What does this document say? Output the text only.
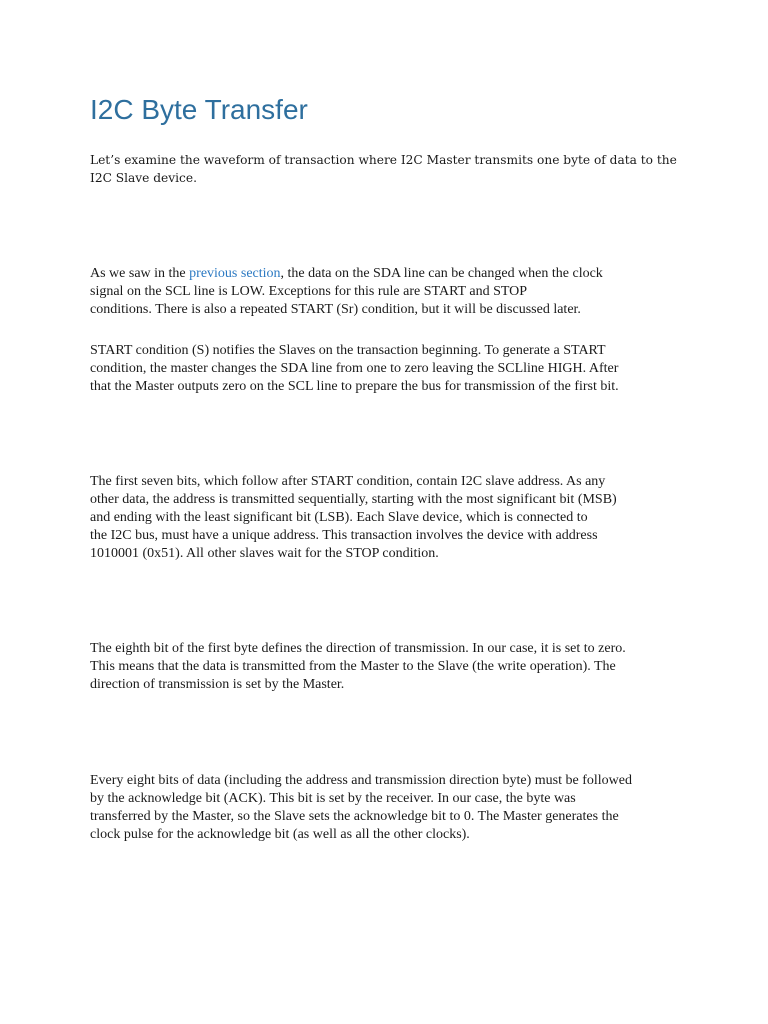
I2C Byte Transfer

Let’s examine the waveform of transaction where I2C Master transmits one byte of data to the
I2C Slave device.

As we saw in the previous section, the data on the SDA line can be changed when the clock
signal on the SCL line is LOW. Exceptions for this rule are START and STOP
conditions. There is also a repeated START (Sr) condition, but it will be discussed later.

START condition (S) notifies the Slaves on the transaction beginning. To generate a START
condition, the master changes the SDA line from one to zero leaving the SCLline HIGH. After
that the Master outputs zero on the SCL line to prepare the bus for transmission of the first bit.

The first seven bits, which follow after START condition, contain I2C slave address. As any
other data, the address is transmitted sequentially, starting with the most significant bit (MSB)
and ending with the least significant bit (LSB). Each Slave device, which is connected to
the I2C bus, must have a unique address. This transaction involves the device with address
1010001 (0x51). All other slaves wait for the STOP condition.

The eighth bit of the first byte defines the direction of transmission. In our case, it is set to zero.
This means that the data is transmitted from the Master to the Slave (the write operation). The
direction of transmission is set by the Master.

Every eight bits of data (including the address and transmission direction byte) must be followed
by the acknowledge bit (ACK). This bit is set by the receiver. In our case, the byte was
transferred by the Master, so the Slave sets the acknowledge bit to 0. The Master generates the
clock pulse for the acknowledge bit (as well as all the other clocks).
